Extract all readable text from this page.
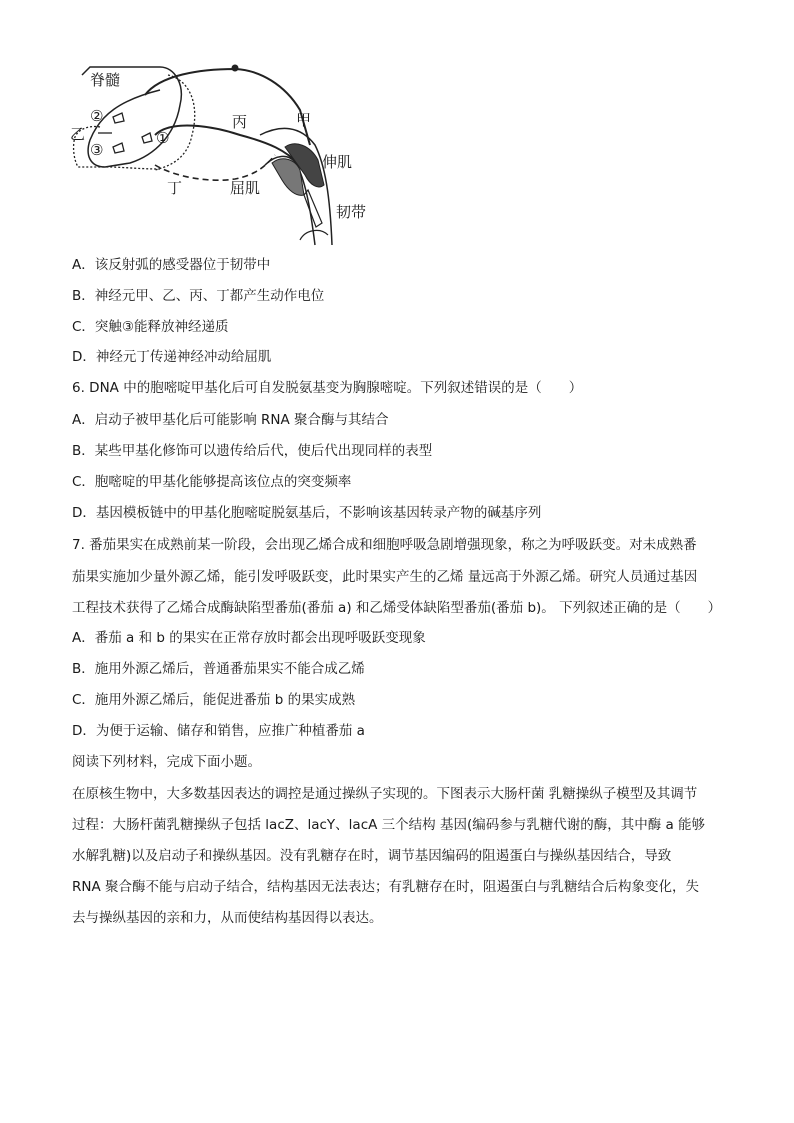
脊髓
甲
丙
乙
丁
伸肌
屈肌
韧带
①
②
③
A．该反射弧的感受器位于韧带中
B．神经元甲、乙、丙、丁都产生动作电位
C．突触③能释放神经递质
D．神经元丁传递神经冲动给屈肌
6. DNA 中的胞嘧啶甲基化后可自发脱氨基变为胸腺嘧啶。下列叙述错误的是（　　）
A．启动子被甲基化后可能影响 RNA 聚合酶与其结合
B．某些甲基化修饰可以遗传给后代，使后代出现同样的表型
C．胞嘧啶的甲基化能够提高该位点的突变频率
D．基因模板链中的甲基化胞嘧啶脱氨基后，不影响该基因转录产物的碱基序列
7. 番茄果实在成熟前某一阶段，会出现乙烯合成和细胞呼吸急剧增强现象，称之为呼吸跃变。对未成熟番
茄果实施加少量外源乙烯，能引发呼吸跃变，此时果实产生的乙烯 量远高于外源乙烯。研究人员通过基因
工程技术获得了乙烯合成酶缺陷型番茄(番茄 a) 和乙烯受体缺陷型番茄(番茄 b)。 下列叙述正确的是（　　）
A．番茄 a 和 b 的果实在正常存放时都会出现呼吸跃变现象
B．施用外源乙烯后，普通番茄果实不能合成乙烯
C．施用外源乙烯后，能促进番茄 b 的果实成熟
D．为便于运输、储存和销售，应推广种植番茄 a
阅读下列材料，完成下面小题。
在原核生物中，大多数基因表达的调控是通过操纵子实现的。下图表示大肠杆菌 乳糖操纵子模型及其调节
过程：大肠杆菌乳糖操纵子包括 lacZ、lacY、lacA 三个结构 基因(编码参与乳糖代谢的酶，其中酶 a 能够
水解乳糖)以及启动子和操纵基因。没有乳糖存在时，调节基因编码的阻遏蛋白与操纵基因结合，导致
RNA 聚合酶不能与启动子结合，结构基因无法表达；有乳糖存在时，阻遏蛋白与乳糖结合后构象变化，失
去与操纵基因的亲和力，从而使结构基因得以表达。
